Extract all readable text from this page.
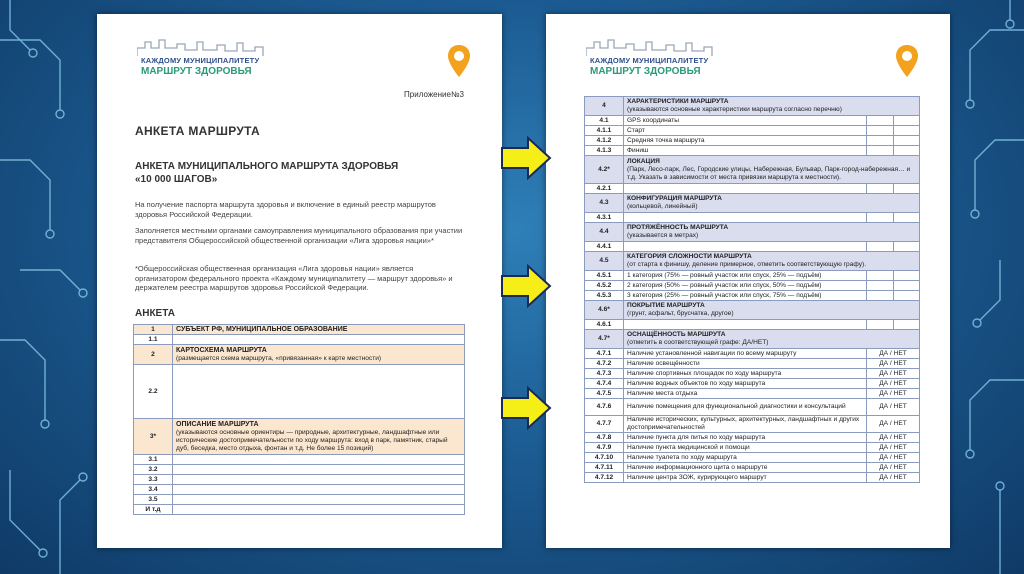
КАЖДОМУ МУНИЦИПАЛИТЕТУ
МАРШРУТ ЗДОРОВЬЯ
Приложение№3
АНКЕТА МАРШРУТА
АНКЕТА МУНИЦИПАЛЬНОГО МАРШРУТА ЗДОРОВЬЯ
«10 000 ШАГОВ»
На получение паспорта маршрута здоровья и включение в единый реестр маршрутов здоровья Российской Федерации.
Заполняется местными органами самоуправления муниципального образования при участии представителя Общероссийской общественной организации «Лига здоровья нации»*
*Общероссийская общественная организация «Лига здоровья нации» является организатором федерального проекта «Каждому муниципалитету — маршрут здоровья» и держателем реестра маршрутов здоровья Российской Федерации.
АНКЕТА
1	СУБЪЕКТ РФ, МУНИЦИПАЛЬНОЕ ОБРАЗОВАНИЕ
1.1	
2	КАРТОСХЕМА МАРШРУТА
(размещается схема маршрута, «привязанная» к карте местности)
2.2	
3*	ОПИСАНИЕ МАРШРУТА
(указываются основные ориентиры — природные, архитектурные, ландшафтные или исторические достопримечательности по ходу маршрута: вход в парк, памятник, старый дуб, беседка, место отдыха, фонтан и т.д. Не более 15 позиций)
3.1	
3.2	
3.3	
3.4	
3.5	
И т.д	
КАЖДОМУ МУНИЦИПАЛИТЕТУ
МАРШРУТ ЗДОРОВЬЯ
4	ХАРАКТЕРИСТИКИ МАРШРУТА
(указываются основные характеристики маршрута согласно перечню)		
4.1	GPS координаты		
4.1.1	Старт		
4.1.2	Средняя точка маршрута		
4.1.3	Финиш		
4.2*	ЛОКАЦИЯ
(Парк, Лесо-парк, Лес, Городские улицы, Набережная, Бульвар, Парк-город-набережная… и т.д. Указать в зависимости от места привязки маршрута к местности).		
4.2.1			
4.3	КОНФИГУРАЦИЯ МАРШРУТА
(кольцевой, линейный)		
4.3.1			
4.4	ПРОТЯЖЁННОСТЬ МАРШРУТА
(указывается в метрах)		
4.4.1			
4.5	КАТЕГОРИЯ СЛОЖНОСТИ МАРШРУТА
(от старта к финишу, деление примерное, отметить соответствующую графу).		
4.5.1	1 категория (75% — ровный участок или спуск, 25% — подъём)		
4.5.2	2 категория (50% — ровный участок или спуск, 50% — подъём)		
4.5.3	3 категория (25% — ровный участок или спуск, 75% — подъём)		
4.6*	ПОКРЫТИЕ МАРШРУТА
(грунт, асфальт, брусчатка, другое)		
4.6.1			
4.7*	ОСНАЩЁННОСТЬ МАРШРУТА
(отметить в соответствующей графе: ДА/НЕТ)		
4.7.1	Наличие установленной навигации по всему маршруту	ДА / НЕТ	
4.7.2	Наличие освещённости	ДА / НЕТ	
4.7.3	Наличие спортивных площадок по ходу маршрута	ДА / НЕТ	
4.7.4	Наличие водных объектов по ходу маршрута	ДА / НЕТ	
4.7.5	Наличие места отдыха	ДА / НЕТ	
4.7.6	Наличие помещения для функциональной диагностики и консультаций	ДА / НЕТ	
4.7.7	Наличие исторических, культурных, архитектурных, ландшафтных и других достопримечательностей	ДА / НЕТ	
4.7.8	Наличие пункта для питья по ходу маршрута	ДА / НЕТ	
4.7.9	Наличие пункта медицинской и помощи	ДА / НЕТ	
4.7.10	Наличие туалета по ходу маршрута	ДА / НЕТ	
4.7.11	Наличие информационного щита о маршруте	ДА / НЕТ	
4.7.12	Наличие центра ЗОЖ, курирующего маршрут	ДА / НЕТ	
